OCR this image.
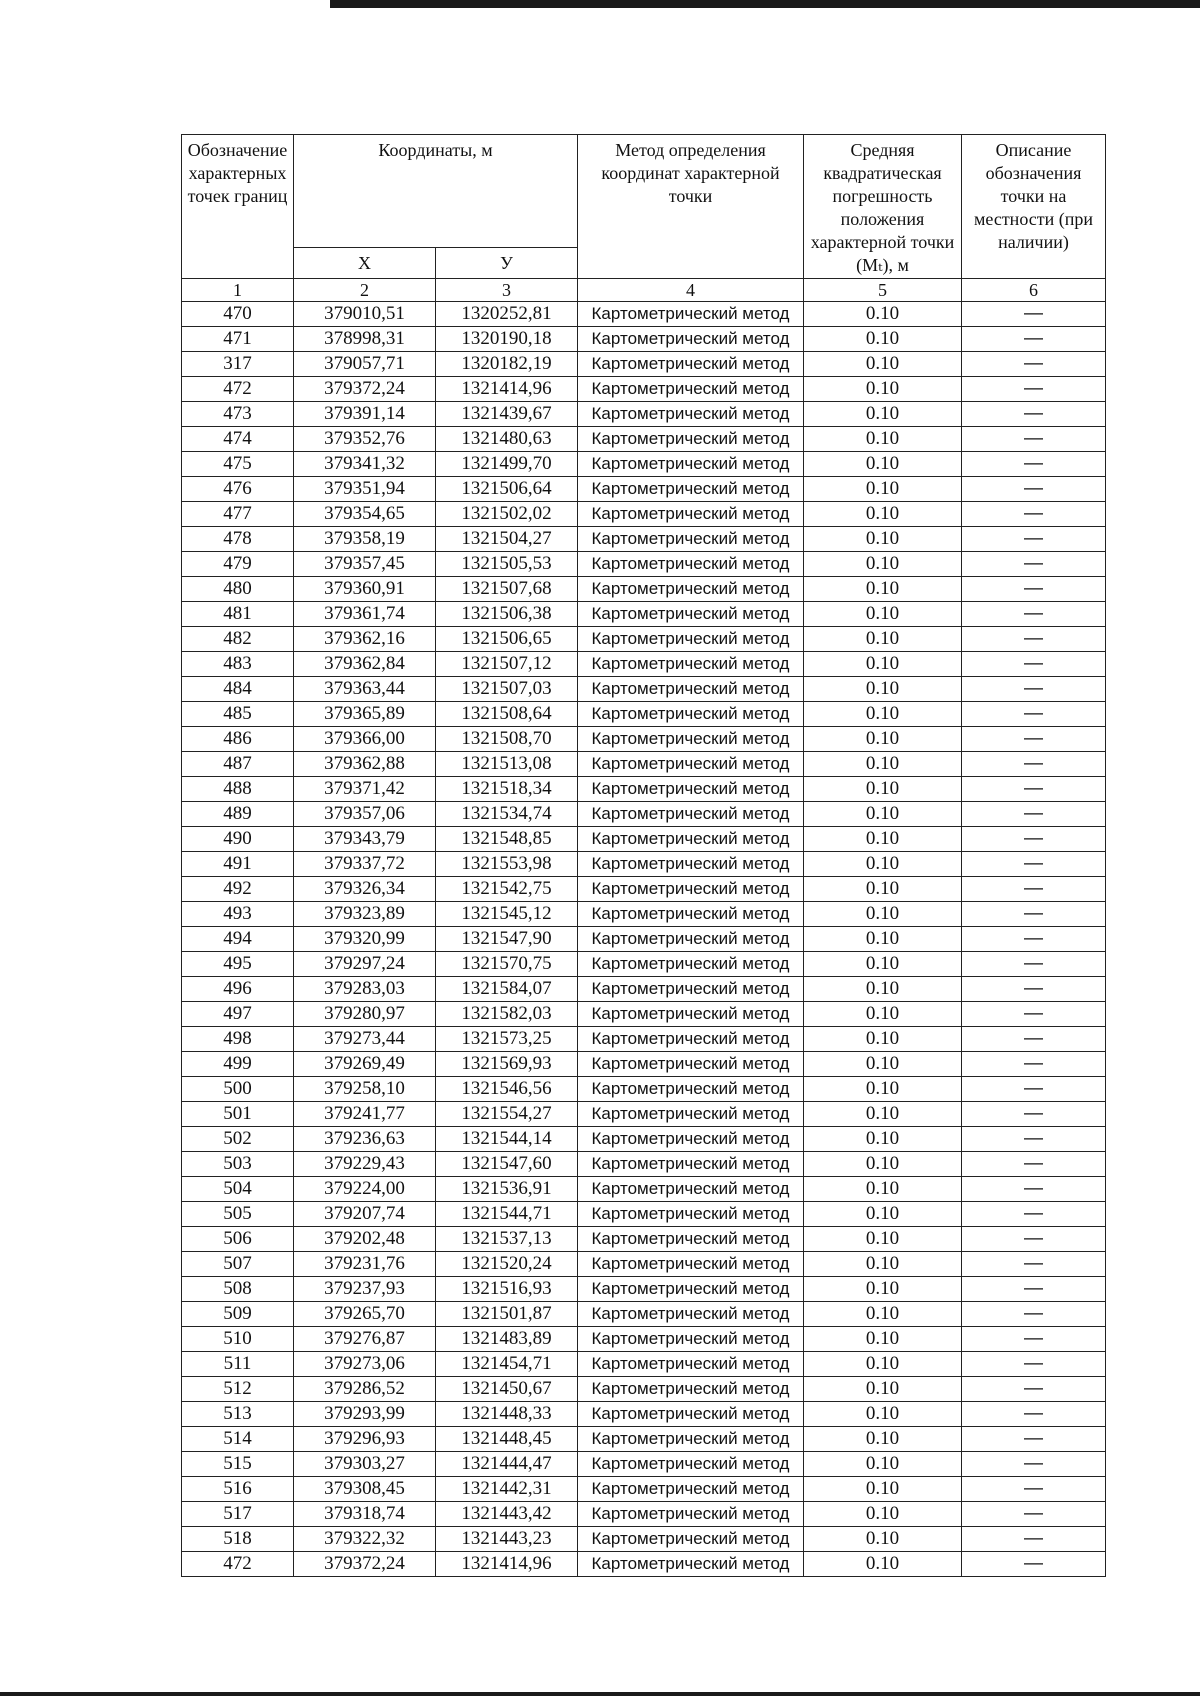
Обозначение характерных точек границ	Координаты, м		Метод определения координат характерной точки	Средняя квадратическая погрешность положения характерной точки (Mₜ), м	Описание обозначения точки на местности (при наличии)
	X	У			
1	2	3	4	5	6
470	379010,51	1320252,81	Картометрический метод	0.10	—
471	378998,31	1320190,18	Картометрический метод	0.10	—
317	379057,71	1320182,19	Картометрический метод	0.10	—
472	379372,24	1321414,96	Картометрический метод	0.10	—
473	379391,14	1321439,67	Картометрический метод	0.10	—
474	379352,76	1321480,63	Картометрический метод	0.10	—
475	379341,32	1321499,70	Картометрический метод	0.10	—
476	379351,94	1321506,64	Картометрический метод	0.10	—
477	379354,65	1321502,02	Картометрический метод	0.10	—
478	379358,19	1321504,27	Картометрический метод	0.10	—
479	379357,45	1321505,53	Картометрический метод	0.10	—
480	379360,91	1321507,68	Картометрический метод	0.10	—
481	379361,74	1321506,38	Картометрический метод	0.10	—
482	379362,16	1321506,65	Картометрический метод	0.10	—
483	379362,84	1321507,12	Картометрический метод	0.10	—
484	379363,44	1321507,03	Картометрический метод	0.10	—
485	379365,89	1321508,64	Картометрический метод	0.10	—
486	379366,00	1321508,70	Картометрический метод	0.10	—
487	379362,88	1321513,08	Картометрический метод	0.10	—
488	379371,42	1321518,34	Картометрический метод	0.10	—
489	379357,06	1321534,74	Картометрический метод	0.10	—
490	379343,79	1321548,85	Картометрический метод	0.10	—
491	379337,72	1321553,98	Картометрический метод	0.10	—
492	379326,34	1321542,75	Картометрический метод	0.10	—
493	379323,89	1321545,12	Картометрический метод	0.10	—
494	379320,99	1321547,90	Картометрический метод	0.10	—
495	379297,24	1321570,75	Картометрический метод	0.10	—
496	379283,03	1321584,07	Картометрический метод	0.10	—
497	379280,97	1321582,03	Картометрический метод	0.10	—
498	379273,44	1321573,25	Картометрический метод	0.10	—
499	379269,49	1321569,93	Картометрический метод	0.10	—
500	379258,10	1321546,56	Картометрический метод	0.10	—
501	379241,77	1321554,27	Картометрический метод	0.10	—
502	379236,63	1321544,14	Картометрический метод	0.10	—
503	379229,43	1321547,60	Картометрический метод	0.10	—
504	379224,00	1321536,91	Картометрический метод	0.10	—
505	379207,74	1321544,71	Картометрический метод	0.10	—
506	379202,48	1321537,13	Картометрический метод	0.10	—
507	379231,76	1321520,24	Картометрический метод	0.10	—
508	379237,93	1321516,93	Картометрический метод	0.10	—
509	379265,70	1321501,87	Картометрический метод	0.10	—
510	379276,87	1321483,89	Картометрический метод	0.10	—
511	379273,06	1321454,71	Картометрический метод	0.10	—
512	379286,52	1321450,67	Картометрический метод	0.10	—
513	379293,99	1321448,33	Картометрический метод	0.10	—
514	379296,93	1321448,45	Картометрический метод	0.10	—
515	379303,27	1321444,47	Картометрический метод	0.10	—
516	379308,45	1321442,31	Картометрический метод	0.10	—
517	379318,74	1321443,42	Картометрический метод	0.10	—
518	379322,32	1321443,23	Картометрический метод	0.10	—
472	379372,24	1321414,96	Картометрический метод	0.10	—
